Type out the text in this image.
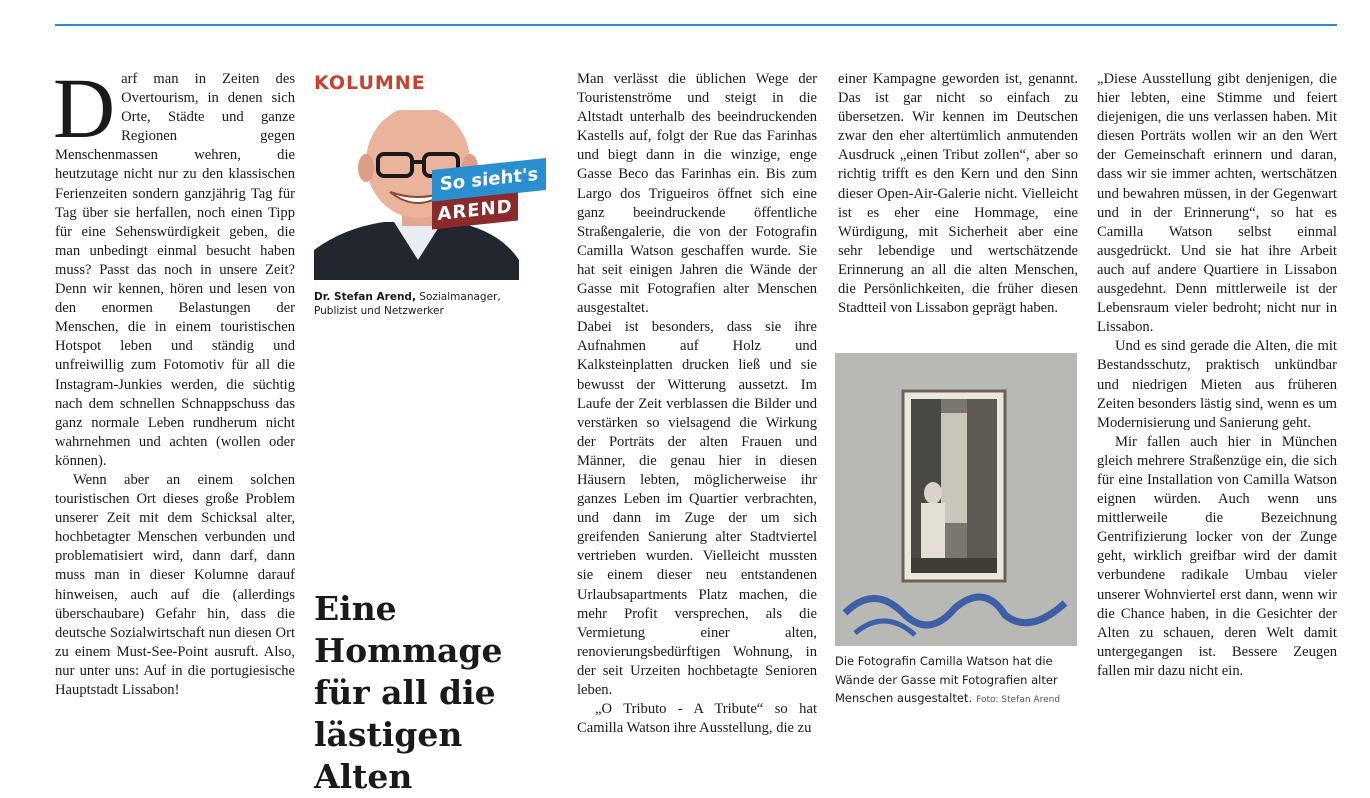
Darf man in Zeiten des Overtourism, in denen sich Orte, Städte und ganze Regionen gegen Menschenmassen wehren, die heutzutage nicht nur zu den klassischen Ferienzeiten sondern ganzjährig Tag für Tag über sie herfallen, noch einen Tipp für eine Sehenswürdigkeit geben, die man unbedingt einmal besucht haben muss? Passt das noch in unsere Zeit? Denn wir kennen, hören und lesen von den enormen Belastungen der Menschen, die in einem touristischen Hotspot leben und ständig und unfreiwillig zum Fotomotiv für all die Instagram-Junkies werden, die süchtig nach dem schnellen Schnappschuss das ganz normale Leben rundherum nicht wahrnehmen und achten (wollen oder können).

Wenn aber an einem solchen touristischen Ort dieses große Problem unserer Zeit mit dem Schicksal alter, hochbetagter Menschen verbunden und problematisiert wird, dann darf, dann muss man in dieser Kolumne darauf hinweisen, auch auf die (allerdings überschaubare) Gefahr hin, dass die deutsche Sozialwirtschaft nun diesen Ort zu einem Must-See-Point ausruft. Also, nur unter uns: Auf in die portugiesische Hauptstadt Lissabon!

KOLUMNE
So sieht's
AREND
Dr. Stefan Arend, Sozialmanager, Publizist und Netzwerker
Eine Hommage für all die lästigen Alten

Man verlässt die üblichen Wege der Touristenströme und steigt in die Altstadt unterhalb des beeindruckenden Kastells auf, folgt der Rue das Farinhas und biegt dann in die winzige, enge Gasse Beco das Farinhas ein. Bis zum Largo dos Trigueiros öffnet sich eine ganz beeindruckende öffentliche Straßengalerie, die von der Fotografin Camilla Watson geschaffen wurde. Sie hat seit einigen Jahren die Wände der Gasse mit Fotografien alter Menschen ausgestaltet.

Dabei ist besonders, dass sie ihre Aufnahmen auf Holz und Kalksteinplatten drucken ließ und sie bewusst der Witterung aussetzt. Im Laufe der Zeit verblassen die Bilder und verstärken so vielsagend die Wirkung der Porträts der alten Frauen und Männer, die genau hier in diesen Häusern lebten, möglicherweise ihr ganzes Leben im Quartier verbrachten, und dann im Zuge der um sich greifenden Sanierung alter Stadtviertel vertrieben wurden. Vielleicht mussten sie einem dieser neu entstandenen Urlaubsapartments Platz machen, die mehr Profit versprechen, als die Vermietung einer alten, renovierungsbedürftigen Wohnung, in der seit Urzeiten hochbetagte Senioren leben.

„O Tributo - A Tribute“ so hat Camilla Watson ihre Ausstellung, die zu

einer Kampagne geworden ist, genannt. Das ist gar nicht so einfach zu übersetzen. Wir kennen im Deutschen zwar den eher altertümlich anmutenden Ausdruck „einen Tribut zollen“, aber so richtig trifft es den Kern und den Sinn dieser Open-Air-Galerie nicht. Vielleicht ist es eher eine Hommage, eine Würdigung, mit Sicherheit aber eine sehr lebendige und wertschätzende Erinnerung an all die alten Menschen, die Persönlichkeiten, die früher diesen Stadtteil von Lissabon geprägt haben.

Die Fotografin Camilla Watson hat die Wände der Gasse mit Fotografien alter Menschen ausgestaltet. Foto: Stefan Arend

„Diese Ausstellung gibt denjenigen, die hier lebten, eine Stimme und feiert diejenigen, die uns verlassen haben. Mit diesen Porträts wollen wir an den Wert der Gemeinschaft erinnern und daran, dass wir sie immer achten, wertschätzen und bewahren müssen, in der Gegenwart und in der Erinnerung“, so hat es Camilla Watson selbst einmal ausgedrückt. Und sie hat ihre Arbeit auch auf andere Quartiere in Lissabon ausgedehnt. Denn mittlerweile ist der Lebensraum vieler bedroht; nicht nur in Lissabon.

Und es sind gerade die Alten, die mit Bestandsschutz, praktisch unkündbar und niedrigen Mieten aus früheren Zeiten besonders lästig sind, wenn es um Modernisierung und Sanierung geht.

Mir fallen auch hier in München gleich mehrere Straßenzüge ein, die sich für eine Installation von Camilla Watson eignen würden. Auch wenn uns mittlerweile die Bezeichnung Gentrifizierung locker von der Zunge geht, wirklich greifbar wird der damit verbundene radikale Umbau vieler unserer Wohnviertel erst dann, wenn wir die Chance haben, in die Gesichter der Alten zu schauen, deren Welt damit untergegangen ist. Bessere Zeugen fallen mir dazu nicht ein.
